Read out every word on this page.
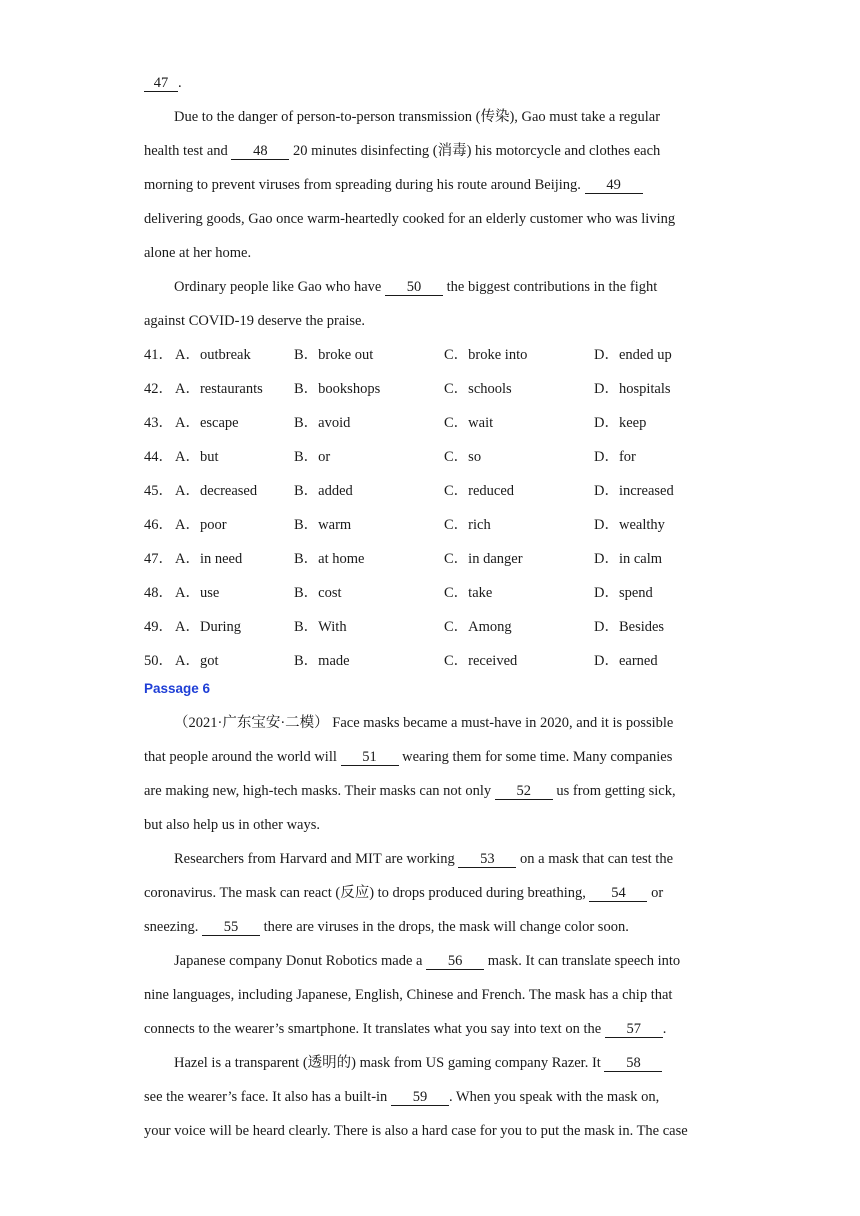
47 .
Due to the danger of person-to-person transmission (传染), Gao must take a regular
health test and 48 20 minutes disinfecting (消毒) his motorcycle and clothes each
morning to prevent viruses from spreading during his route around Beijing. 49
delivering goods, Gao once warm-heartedly cooked for an elderly customer who was living
alone at her home.
Ordinary people like Gao who have 50 the biggest contributions in the fight
against COVID-19 deserve the praise.
41． A．outbreak	B．broke out	C．broke into	D．ended up
42． A．restaurants B．bookshops	C．schools	D．hospitals
43． A．escape	B．avoid	C．wait	D．keep
44． A．but	B．or	C．so	D．for
45． A．decreased	B．added	C．reduced	D．increased
46． A．poor	B．warm	C．rich	D．wealthy
47． A．in need	B．at home	C．in danger	D．in calm
48． A．use	B．cost	C．take	D．spend
49． A．During	B．With	C．Among	D．Besides
50． A．got	B．made	C．received	D．earned
Passage 6
（2021·广东宝安·二模） Face masks became a must-have in 2020, and it is possible
that people around the world will 51 wearing them for some time. Many companies
are making new, high-tech masks. Their masks can not only 52 us from getting sick,
but also help us in other ways.
Researchers from Harvard and MIT are working 53 on a mask that can test the
coronavirus. The mask can react (反应) to drops produced during breathing, 54 or
sneezing. 55 there are viruses in the drops, the mask will change color soon.
Japanese company Donut Robotics made a 56 mask. It can translate speech into
nine languages, including Japanese, English, Chinese and French. The mask has a chip that
connects to the wearer’s smartphone. It translates what you say into text on the 57 .
Hazel is a transparent (透明的) mask from US gaming company Razer. It 58
see the wearer’s face. It also has a built-in 59 . When you speak with the mask on,
your voice will be heard clearly. There is also a hard case for you to put the mask in. The case
